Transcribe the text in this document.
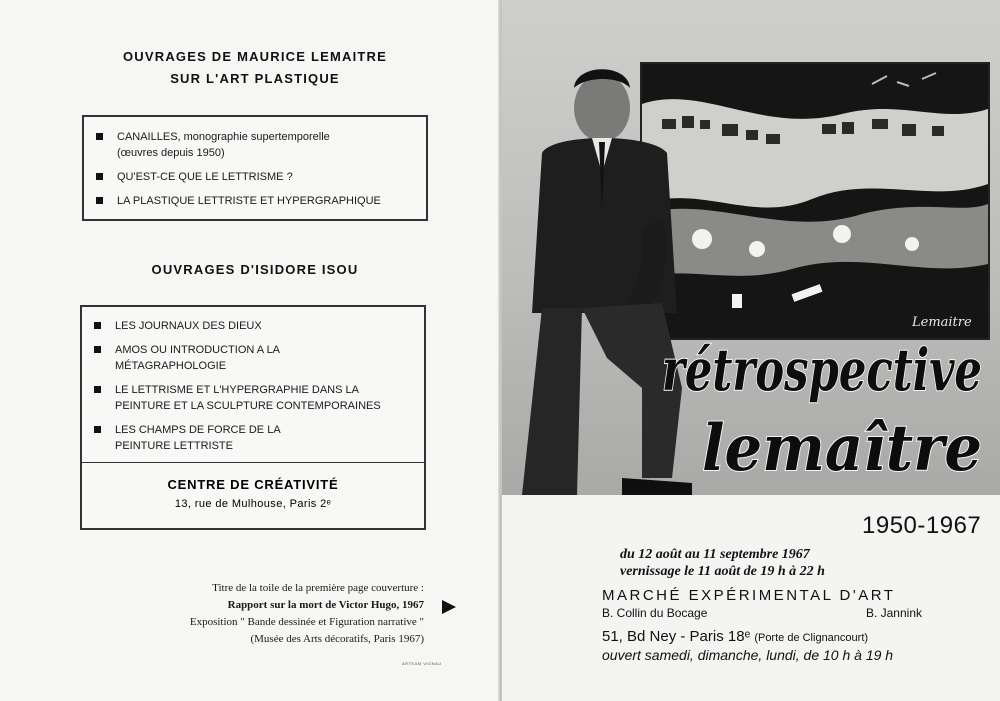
OUVRAGES DE MAURICE LEMAITRE
SUR L'ART PLASTIQUE
CANAILLES, monographie supertemporelle
(œuvres depuis 1950)
QU'EST-CE QUE LE LETTRISME ?
LA PLASTIQUE LETTRISTE ET HYPERGRAPHIQUE
OUVRAGES D'ISIDORE ISOU
LES JOURNAUX DES DIEUX
AMOS OU INTRODUCTION A LA
MÉTAGRAPHOLOGIE
LE LETTRISME ET L'HYPERGRAPHIE DANS LA
PEINTURE ET LA SCULPTURE CONTEMPORAINES
LES CHAMPS DE FORCE DE LA
PEINTURE LETTRISTE
CENTRE DE CRÉATIVITÉ
13, rue de Mulhouse, Paris 2ᵉ
Titre de la toile de la première page couverture :
Rapport sur la mort de Victor Hugo, 1967
Exposition " Bande dessinée et Figuration narrative "
(Musée des Arts décoratifs, Paris 1967)
ARTEAM VIGNAU
Lemaitre
rétrospective
lemaître
1950-1967
du 12 août au 11 septembre 1967
vernissage le 11 août de 19 h à 22 h
MARCHÉ EXPÉRIMENTAL D'ART
B. Collin du Bocage	B. Jannink
51, Bd Ney - Paris 18ᵉ (Porte de Clignancourt)
ouvert samedi, dimanche, lundi, de 10 h à 19 h
